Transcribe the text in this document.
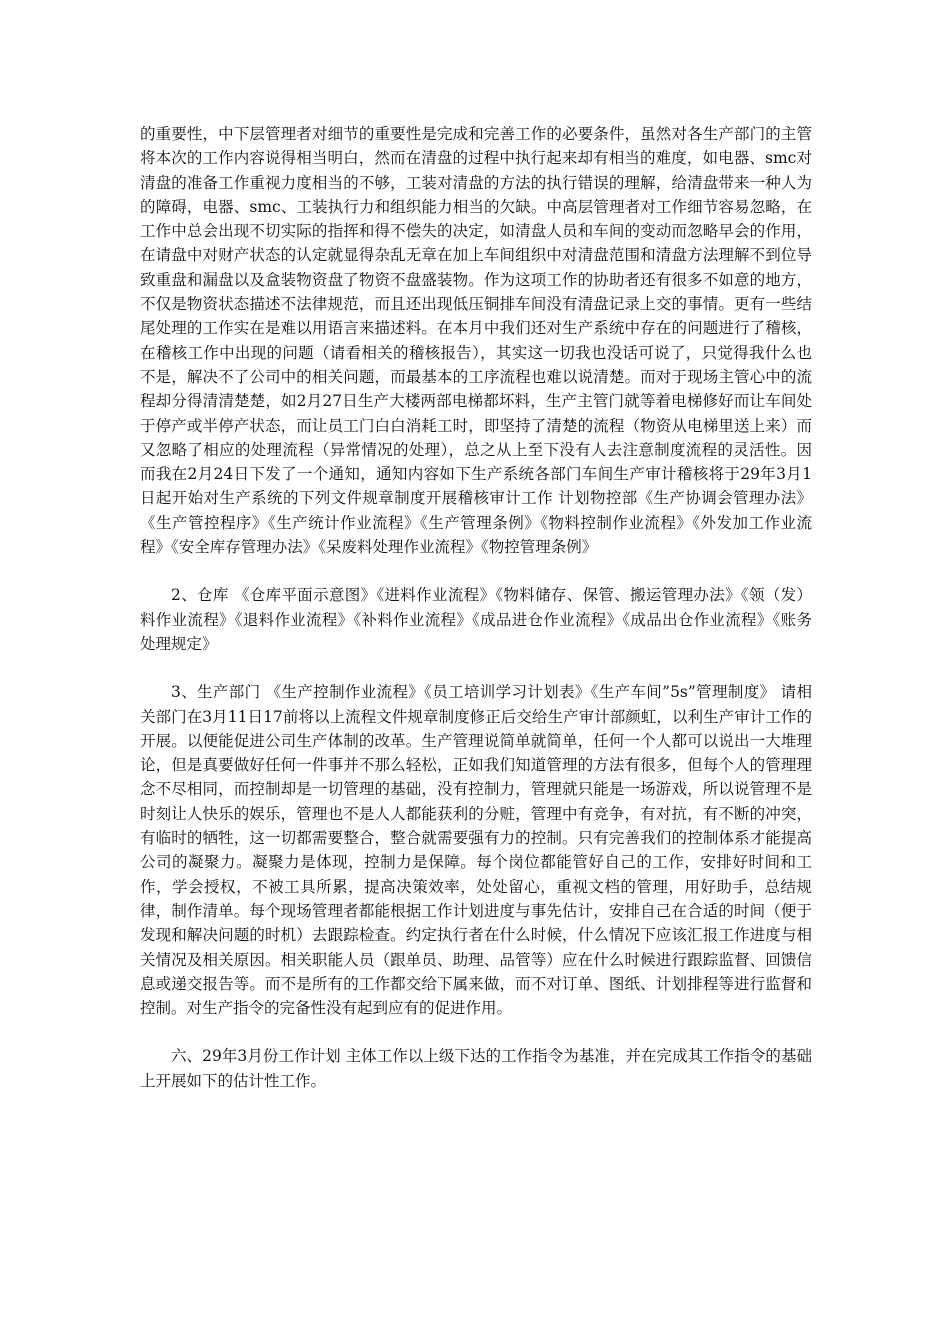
的重要性，中下层管理者对细节的重要性是完成和完善工作的必要条件，虽然对各生产部门的主管将本次的工作内容说得相当明白，然而在清盘的过程中执行起来却有相当的难度，如电器、smc对清盘的准备工作重视力度相当的不够，工装对清盘的方法的执行错误的理解，给清盘带来一种人为的障碍，电器、smc、工装执行力和组织能力相当的欠缺。中高层管理者对工作细节容易忽略，在工作中总会出现不切实际的指挥和得不偿失的决定，如清盘人员和车间的变动而忽略早会的作用，在请盘中对财产状态的认定就显得杂乱无章在加上车间组织中对清盘范围和清盘方法理解不到位导致重盘和漏盘以及盒装物资盘了物资不盘盛装物。作为这项工作的协助者还有很多不如意的地方，不仅是物资状态描述不法律规范，而且还出现低压铜排车间没有清盘记录上交的事情。更有一些结尾处理的工作实在是难以用语言来描述料。在本月中我们还对生产系统中存在的问题进行了稽核，在稽核工作中出现的问题（请看相关的稽核报告），其实这一切我也没话可说了，只觉得我什么也不是，解决不了公司中的相关问题，而最基本的工序流程也难以说清楚。而对于现场主管心中的流程却分得清清楚楚，如2月27日生产大楼两部电梯都坏料，生产主管门就等着电梯修好而让车间处于停产或半停产状态，而让员工门白白消耗工时，即坚持了清楚的流程（物资从电梯里送上来）而又忽略了相应的处理流程（异常情况的处理），总之从上至下没有人去注意制度流程的灵活性。因而我在2月24日下发了一个通知，通知内容如下生产系统各部门车间生产审计稽核将于29年3月1日起开始对生产系统的下列文件规章制度开展稽核审计工作 计划物控部《生产协调会管理办法》《生产管控程序》《生产统计作业流程》《生产管理条例》《物料控制作业流程》《外发加工作业流程》《安全库存管理办法》《呆废料处理作业流程》《物控管理条例》

2、仓库 《仓库平面示意图》《进料作业流程》《物料储存、保管、搬运管理办法》《领（发）料作业流程》《退料作业流程》《补料作业流程》《成品进仓作业流程》《成品出仓作业流程》《账务处理规定》

3、生产部门 《生产控制作业流程》《员工培训学习计划表》《生产车间”5s”管理制度》 请相关部门在3月11日17前将以上流程文件规章制度修正后交给生产审计部颜虹，以利生产审计工作的开展。以便能促进公司生产体制的改革。生产管理说简单就简单，任何一个人都可以说出一大堆理论，但是真要做好任何一件事并不那么轻松，正如我们知道管理的方法有很多，但每个人的管理理念不尽相同，而控制却是一切管理的基础，没有控制力，管理就只能是一场游戏，所以说管理不是时刻让人快乐的娱乐，管理也不是人人都能获利的分赃，管理中有竞争，有对抗，有不断的冲突，有临时的牺牲，这一切都需要整合，整合就需要强有力的控制。只有完善我们的控制体系才能提高公司的凝聚力。凝聚力是体现，控制力是保障。每个岗位都能管好自己的工作，安排好时间和工作，学会授权，不被工具所累，提高决策效率，处处留心，重视文档的管理，用好助手，总结规律，制作清单。每个现场管理者都能根据工作计划进度与事先估计，安排自己在合适的时间（便于发现和解决问题的时机）去跟踪检查。约定执行者在什么时候，什么情况下应该汇报工作进度与相关情况及相关原因。相关职能人员（跟单员、助理、品管等）应在什么时候进行跟踪监督、回馈信息或递交报告等。而不是所有的工作都交给下属来做，而不对订单、图纸、计划排程等进行监督和控制。对生产指令的完备性没有起到应有的促进作用。

六、29年3月份工作计划 主体工作以上级下达的工作指令为基准，并在完成其工作指令的基础上开展如下的估计性工作。
